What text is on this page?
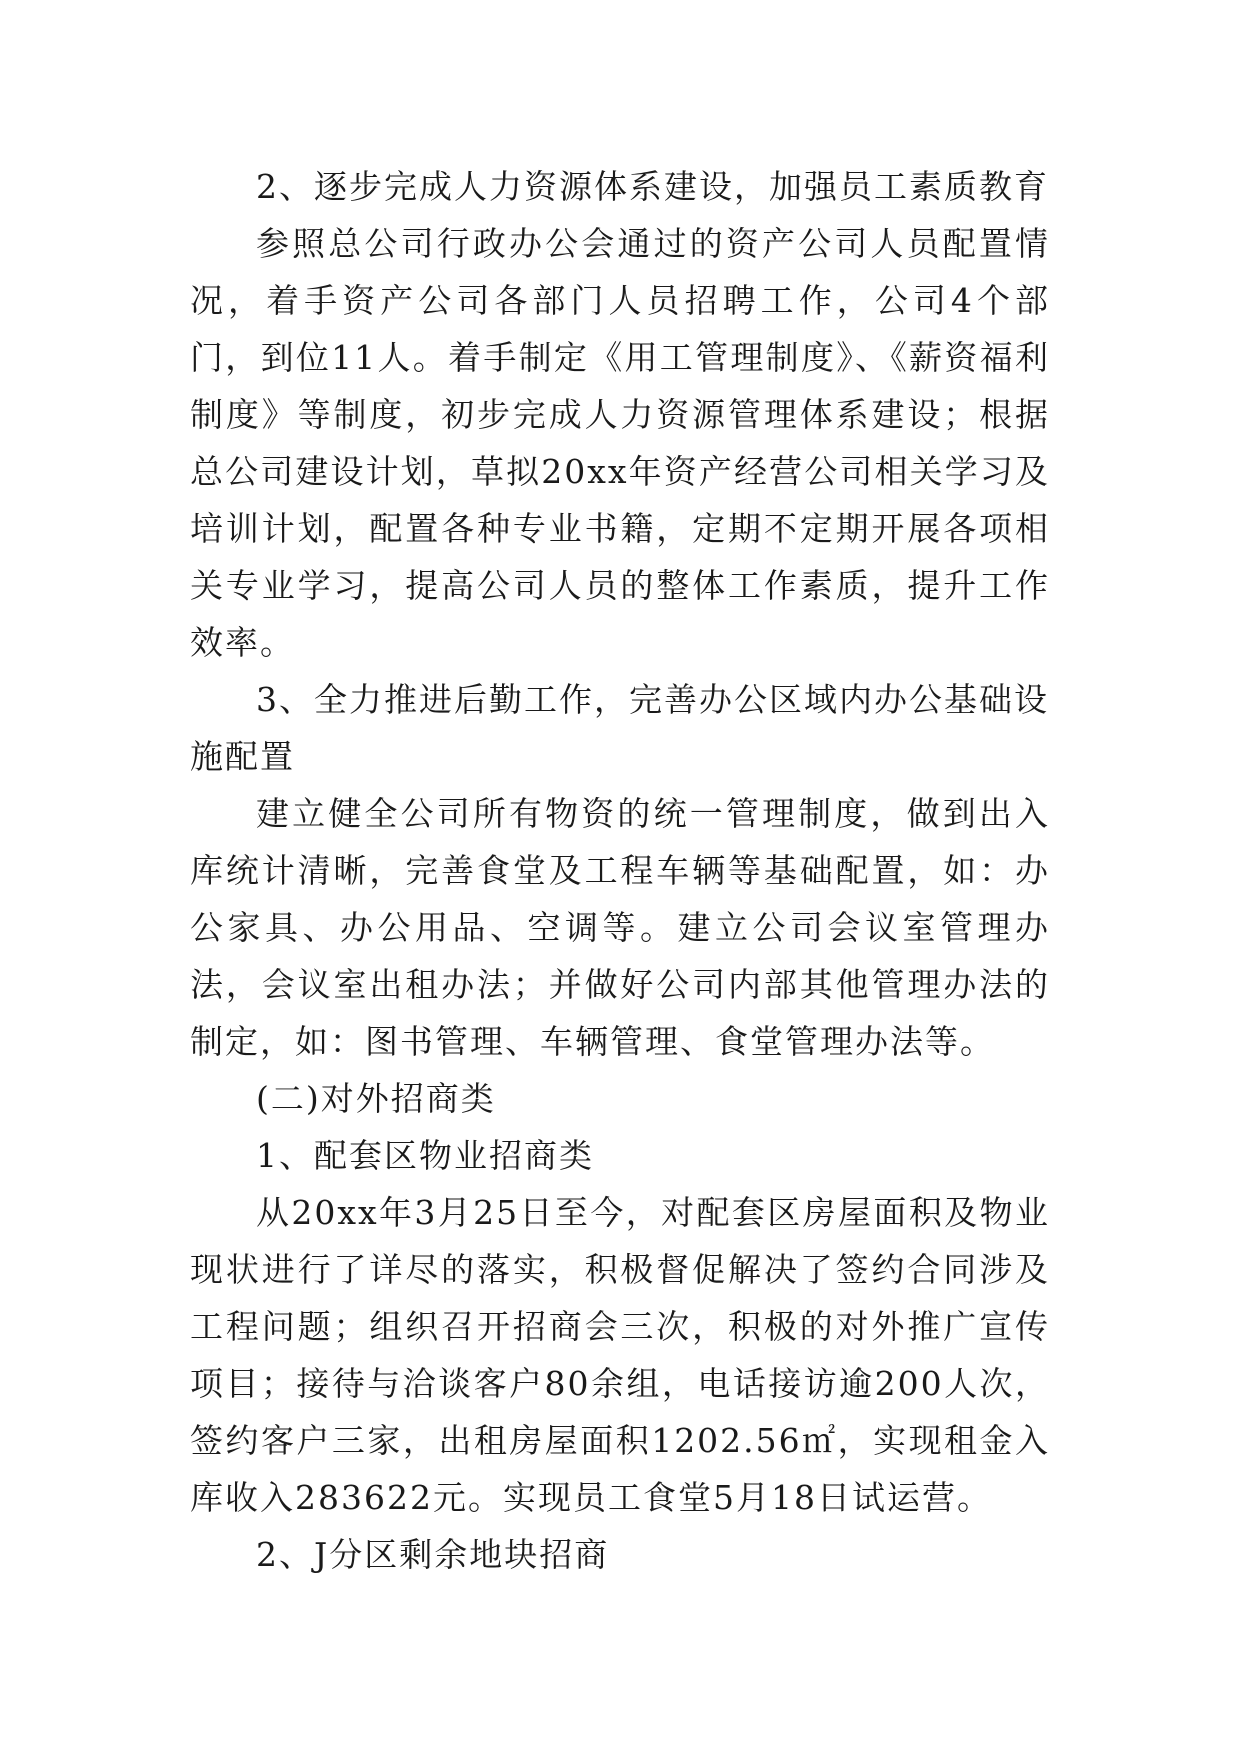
2、逐步完成人力资源体系建设，加强员工素质教育

参照总公司行政办公会通过的资产公司人员配置情况，着手资产公司各部门人员招聘工作，公司4个部门，到位11人。着手制定《用工管理制度》、《薪资福利制度》等制度，初步完成人力资源管理体系建设；根据总公司建设计划，草拟20xx年资产经营公司相关学习及培训计划，配置各种专业书籍，定期不定期开展各项相关专业学习，提高公司人员的整体工作素质，提升工作效率。

3、全力推进后勤工作，完善办公区域内办公基础设施配置

建立健全公司所有物资的统一管理制度，做到出入库统计清晰，完善食堂及工程车辆等基础配置，如：办公家具、办公用品、空调等。建立公司会议室管理办法，会议室出租办法；并做好公司内部其他管理办法的制定，如：图书管理、车辆管理、食堂管理办法等。

(二)对外招商类

1、配套区物业招商类

从20xx年3月25日至今，对配套区房屋面积及物业现状进行了详尽的落实，积极督促解决了签约合同涉及工程问题；组织召开招商会三次，积极的对外推广宣传项目；接待与洽谈客户80余组，电话接访逾200人次，签约客户三家，出租房屋面积1202.56㎡，实现租金入库收入283622元。实现员工食堂5月18日试运营。

2、J分区剩余地块招商
